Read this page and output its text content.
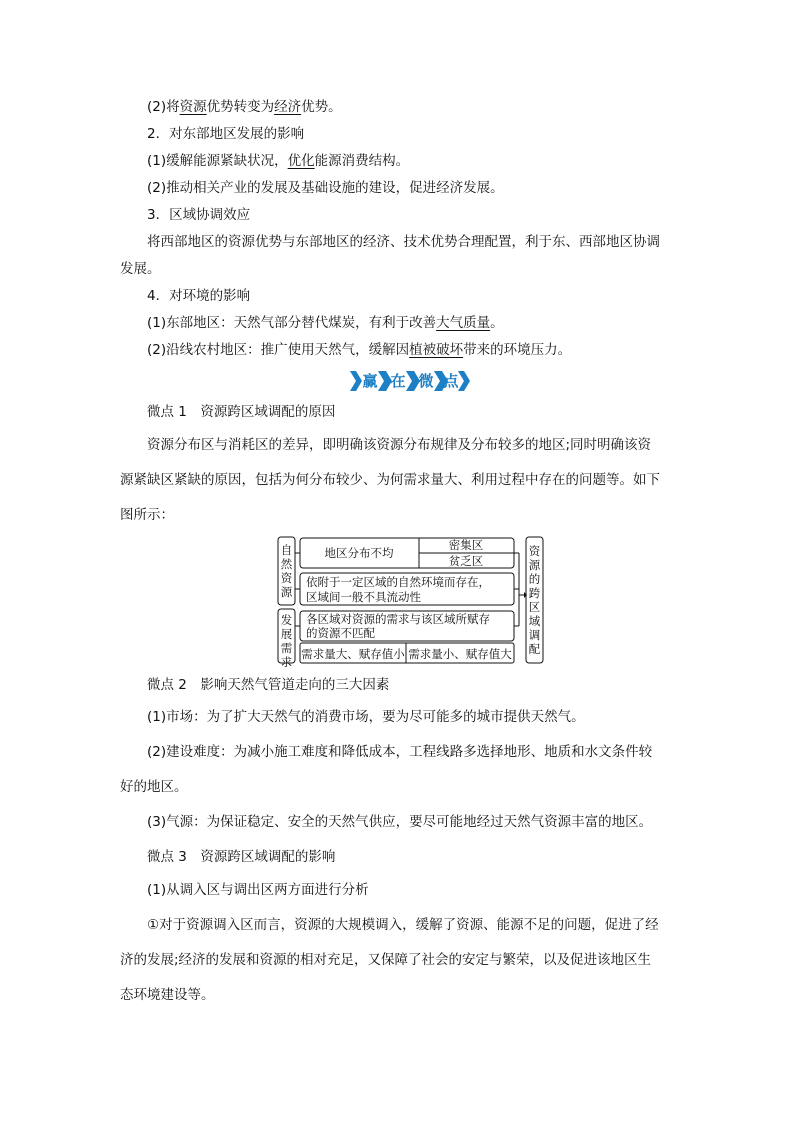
(2)将资源优势转变为经济优势。
2．对东部地区发展的影响
(1)缓解能源紧缺状况，优化能源消费结构。
(2)推动相关产业的发展及基础设施的建设，促进经济发展。
3．区域协调效应
将西部地区的资源优势与东部地区的经济、技术优势合理配置，利于东、西部地区协调
发展。
4．对环境的影响
(1)东部地区：天然气部分替代煤炭，有利于改善大气质量。
(2)沿线农村地区：推广使用天然气，缓解因植被破坏带来的环境压力。
赢 在 微 点
微点 1　资源跨区域调配的原因
资源分布区与消耗区的差异，即明确该资源分布规律及分布较多的地区;同时明确该资
源紧缺区紧缺的原因，包括为何分布较少、为何需求量大、利用过程中存在的问题等。如下
图所示：
地区分布不均
密集区
贫乏区
依附于一定区域的自然环境而存在，
区域间一般不具流动性
各区域对资源的需求与该区域所赋存
的资源不匹配
需求量大、赋存值小 需求量小、赋存值大
自然资源
发展需求
资源的跨区域调配
微点 2　影响天然气管道走向的三大因素
(1)市场：为了扩大天然气的消费市场，要为尽可能多的城市提供天然气。
(2)建设难度：为减小施工难度和降低成本，工程线路多选择地形、地质和水文条件较
好的地区。
(3)气源：为保证稳定、安全的天然气供应，要尽可能地经过天然气资源丰富的地区。
微点 3　资源跨区域调配的影响
(1)从调入区与调出区两方面进行分析
①对于资源调入区而言，资源的大规模调入，缓解了资源、能源不足的问题，促进了经
济的发展;经济的发展和资源的相对充足，又保障了社会的安定与繁荣，以及促进该地区生
态环境建设等。
